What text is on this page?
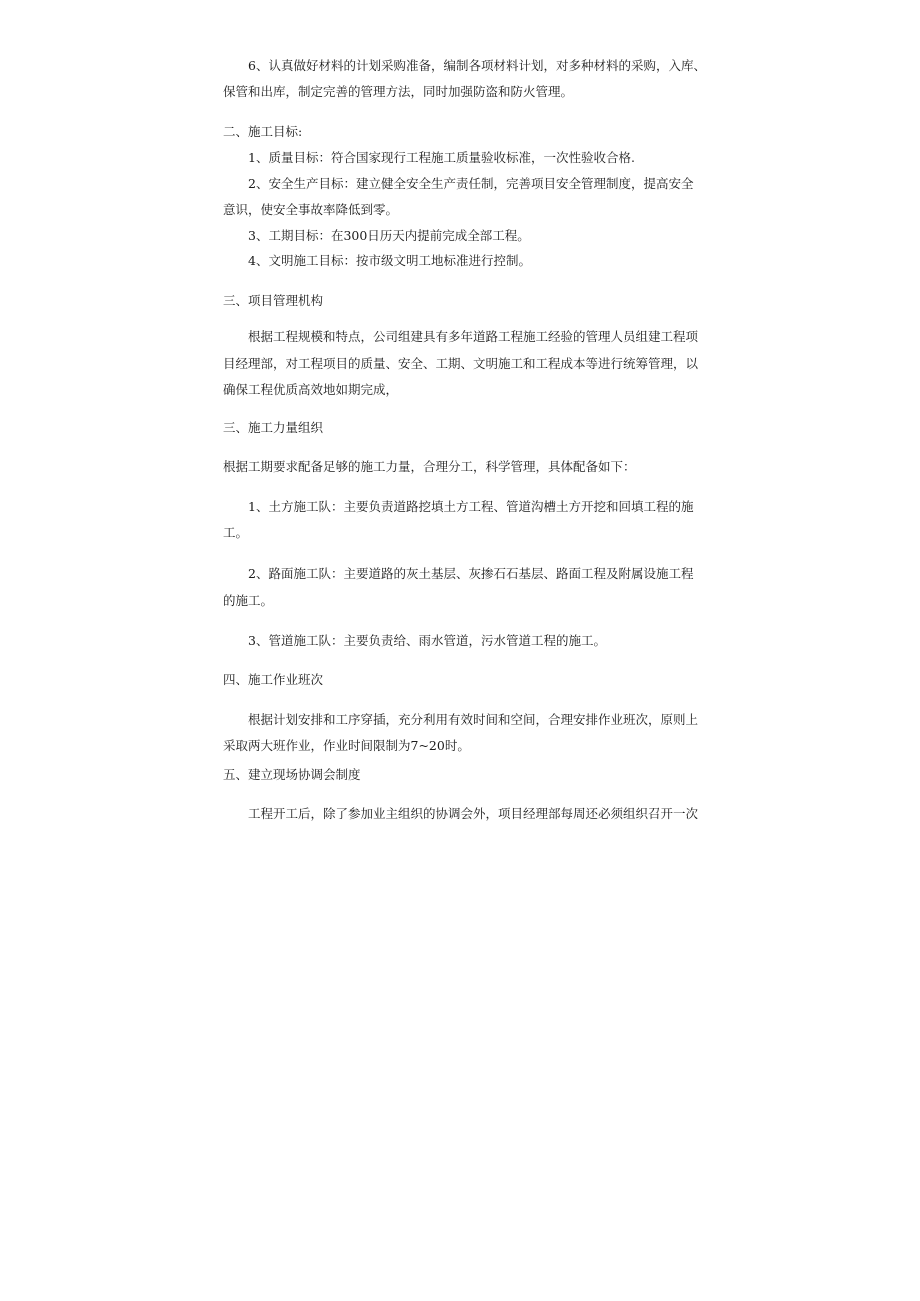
6、认真做好材料的计划采购准备，编制各项材料计划，对多种材料的采购，入库、
保管和出库，制定完善的管理方法，同时加强防盗和防火管理。
二、施工目标:
1、质量目标：符合国家现行工程施工质量验收标准，一次性验收合格.
2、安全生产目标：建立健全安全生产责任制，完善项目安全管理制度，提高安全
意识，使安全事故率降低到零。
3、工期目标：在300日历天内提前完成全部工程。
4、文明施工目标：按市级文明工地标准进行控制。
三、项目管理机构
根据工程规模和特点，公司组建具有多年道路工程施工经验的管理人员组建工程项
目经理部，对工程项目的质量、安全、工期、文明施工和工程成本等进行统筹管理，以
确保工程优质高效地如期完成，
三、施工力量组织
根据工期要求配备足够的施工力量，合理分工，科学管理，具体配备如下：
1、土方施工队：主要负责道路挖填土方工程、管道沟槽土方开挖和回填工程的施
工。
2、路面施工队：主要道路的灰土基层、灰掺石石基层、路面工程及附属设施工程
的施工。
3、管道施工队：主要负责给、雨水管道，污水管道工程的施工。
四、施工作业班次
根据计划安排和工序穿插，充分利用有效时间和空间，合理安排作业班次，原则上
采取两大班作业，作业时间限制为7~20时。
五、建立现场协调会制度
工程开工后，除了参加业主组织的协调会外，项目经理部每周还必须组织召开一次
